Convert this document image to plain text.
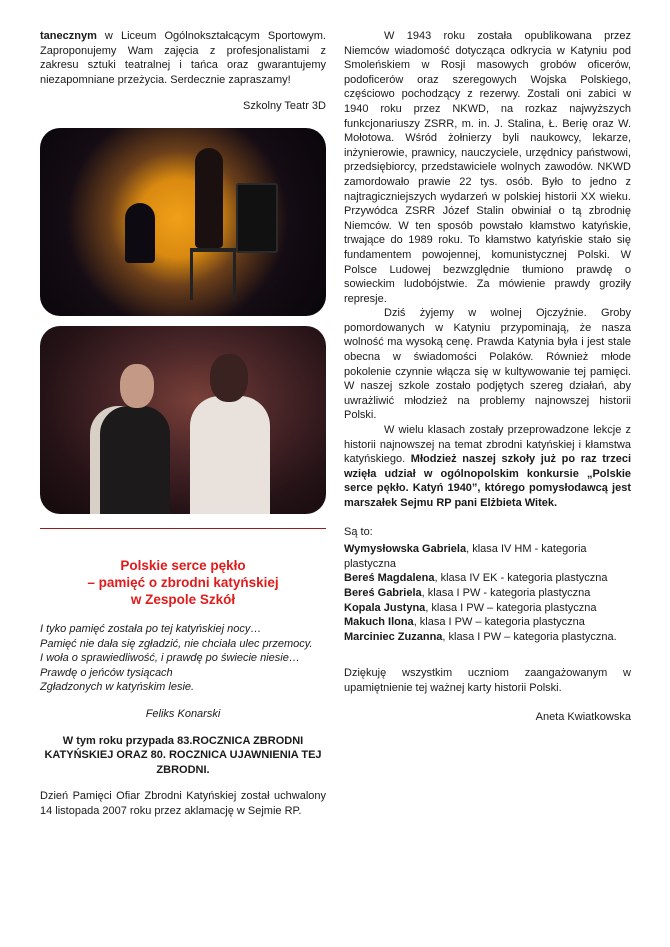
tanecznym w Liceum Ogólnokształcącym Sportowym. Zaproponujemy Wam zajęcia z profesjonalistami z zakresu sztuki teatralnej i tańca oraz gwarantujemy niezapomniane przeżycia. Serdecznie zapraszamy!

Szkolny Teatr 3D

Polskie serce pękło
– pamięć o zbrodni katyńskiej
w Zespole Szkół
I tyko pamięć została po tej katyńskiej nocy…
Pamięć nie dała się zgładzić, nie chciała ulec przemocy.
I woła o sprawiedliwość, i prawdę po świecie niesie…
Prawdę o jeńców tysiącach
Zgładzonych w katyńskim lesie.

Feliks Konarski

W tym roku przypada 83.ROCZNICA ZBRODNI KATYŃSKIEJ ORAZ 80. ROCZNICA UJAWNIENIA TEJ ZBRODNI.

Dzień Pamięci Ofiar Zbrodni Katyńskiej został uchwalony 14 listopada 2007 roku przez aklamację w Sejmie RP.

W 1943 roku została opublikowana przez Niemców wiadomość dotycząca odkrycia w Katyniu pod Smoleńskiem w Rosji masowych grobów oficerów, podoficerów oraz szeregowych Wojska Polskiego, częściowo pochodzący z rezerwy. Zostali oni zabici w 1940 roku przez NKWD, na rozkaz najwyższych funkcjonariuszy ZSRR, m. in. J. Stalina, Ł. Berię oraz W. Mołotowa. Wśród żołnierzy byli naukowcy, lekarze, inżynierowie, prawnicy, nauczyciele, urzędnicy państwowi, przedsiębiorcy, przedstawiciele wolnych zawodów. NKWD zamordowało prawie 22 tys. osób. Było to jedno z najtragiczniejszych wydarzeń w polskiej historii XX wieku. Przywódca ZSRR Józef Stalin obwiniał o tą zbrodnię Niemców. W ten sposób powstało kłamstwo katyńskie, trwające do 1989 roku. To kłamstwo katyńskie stało się fundamentem powojennej, komunistycznej Polski. W Polsce Ludowej bezwzględnie tłumiono prawdę o sowieckim ludobójstwie. Za mówienie prawdy groziły represje.

Dziś żyjemy w wolnej Ojczyźnie. Groby pomordowanych w Katyniu przypominają, że nasza wolność ma wysoką cenę. Prawda Katynia była i jest stale obecna w świadomości Polaków. Również młode pokolenie czynnie włącza się w kultywowanie tej pamięci. W naszej szkole zostało podjętych szereg działań, aby uwrażliwić młodzież na problemy najnowszej historii Polski.

W wielu klasach zostały przeprowadzone lekcje z historii najnowszej na temat zbrodni katyńskiej i kłamstwa katyńskiego. Młodzież naszej szkoły już po raz trzeci wzięła udział w ogólnopolskim konkursie „Polskie serce pękło. Katyń 1940”, którego pomysłodawcą jest marszałek Sejmu RP pani Elżbieta Witek.

Są to:

Wymysłowska Gabriela, klasa IV HM - kategoria plastyczna
Bereś Magdalena, klasa IV EK - kategoria plastyczna
Bereś Gabriela, klasa I PW - kategoria plastyczna
Kopala Justyna, klasa I PW – kategoria plastyczna
Makuch Ilona, klasa I PW – kategoria plastyczna
Marciniec Zuzanna, klasa I PW – kategoria plastyczna.

Dziękuję wszystkim uczniom zaangażowanym w upamiętnienie tej ważnej karty historii Polski.

Aneta Kwiatkowska
